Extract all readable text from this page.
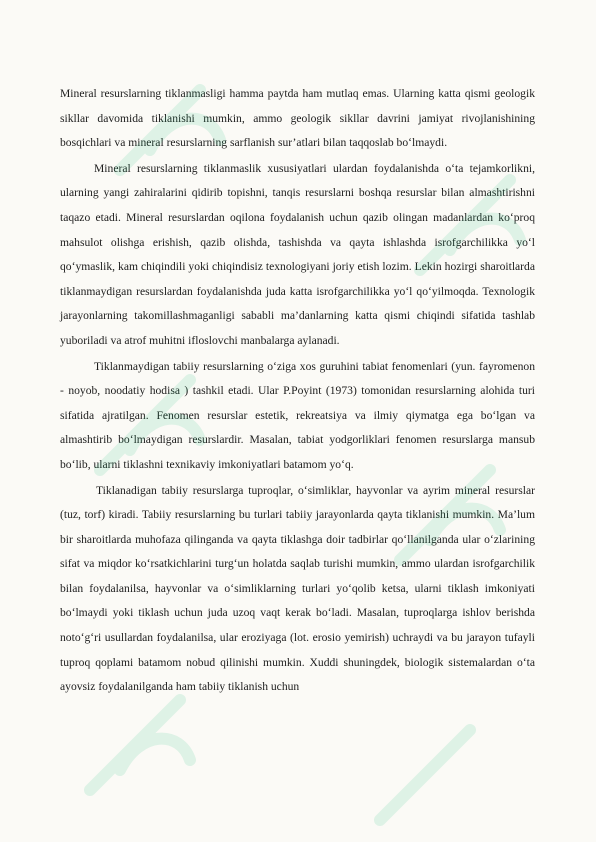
Mineral resurslarning tiklanmasligi hamma paytda ham mutlaq emas. Ularning katta qismi geologik sikllar davomida tiklanishi mumkin, ammo geologik sikllar davrini jamiyat rivojlanishining bosqichlari va mineral resurslarning sarflanish sur’atlari bilan taqqoslab bo‘lmaydi.

Mineral resurslarning tiklanmaslik xususiyatlari ulardan foydalanishda o‘ta tejamkorlikni, ularning yangi zahiralarini qidirib topishni, tanqis resurslarni boshqa resurslar bilan almashtirishni taqazo etadi. Mineral resurslardan oqilona foydalanish uchun qazib olingan madanlardan ko‘proq mahsulot olishga erishish, qazib olishda, tashishda va qayta ishlashda isrofgarchilikka yo‘l qo‘ymaslik, kam chiqindili yoki chiqindisiz texnologiyani joriy etish lozim. Lekin hozirgi sharoitlarda tiklanmaydigan resurslardan foydalanishda juda katta isrofgarchilikka yo‘l qo‘yilmoqda. Texnologik jarayonlarning takomillashmaganligi sababli ma’danlarning katta qismi chiqindi sifatida tashlab yuboriladi va atrof muhitni ifloslovchi manbalarga aylanadi.

Tiklanmaydigan tabiiy resurslarning o‘ziga xos guruhini tabiat fenomenlari (yun. fayromenon - noyob, noodatiy hodisa ) tashkil etadi. Ular P.Poyint (1973) tomonidan resurslarning alohida turi sifatida ajratilgan. Fenomen resurslar estetik, rekreatsiya va ilmiy qiymatga ega bo‘lgan va almashtirib bo‘lmaydigan resurslardir. Masalan, tabiat yodgorliklari fenomen resurslarga mansub bo‘lib, ularni tiklashni texnikaviy imkoniyatlari batamom yo‘q.

Tiklanadigan tabiiy resurslarga tuproqlar, o‘simliklar, hayvonlar va ayrim mineral resurslar (tuz, torf) kiradi. Tabiiy resurslarning bu turlari tabiiy jarayonlarda qayta tiklanishi mumkin. Ma’lum bir sharoitlarda muhofaza qilinganda va qayta tiklashga doir tadbirlar qo‘llanilganda ular o‘zlarining sifat va miqdor ko‘rsatkichlarini turg‘un holatda saqlab turishi mumkin, ammo ulardan isrofgarchilik bilan foydalanilsa, hayvonlar va o‘simliklarning turlari yo‘qolib ketsa, ularni tiklash imkoniyati bo‘lmaydi yoki tiklash uchun juda uzoq vaqt kerak bo‘ladi. Masalan, tuproqlarga ishlov berishda noto‘g‘ri usullardan foydalanilsa, ular eroziyaga (lot. erosio yemirish) uchraydi va bu jarayon tufayli tuproq qoplami batamom nobud qilinishi mumkin. Xuddi shuningdek, biologik sistemalardan o‘ta ayovsiz foydalanilganda ham tabiiy tiklanish uchun
